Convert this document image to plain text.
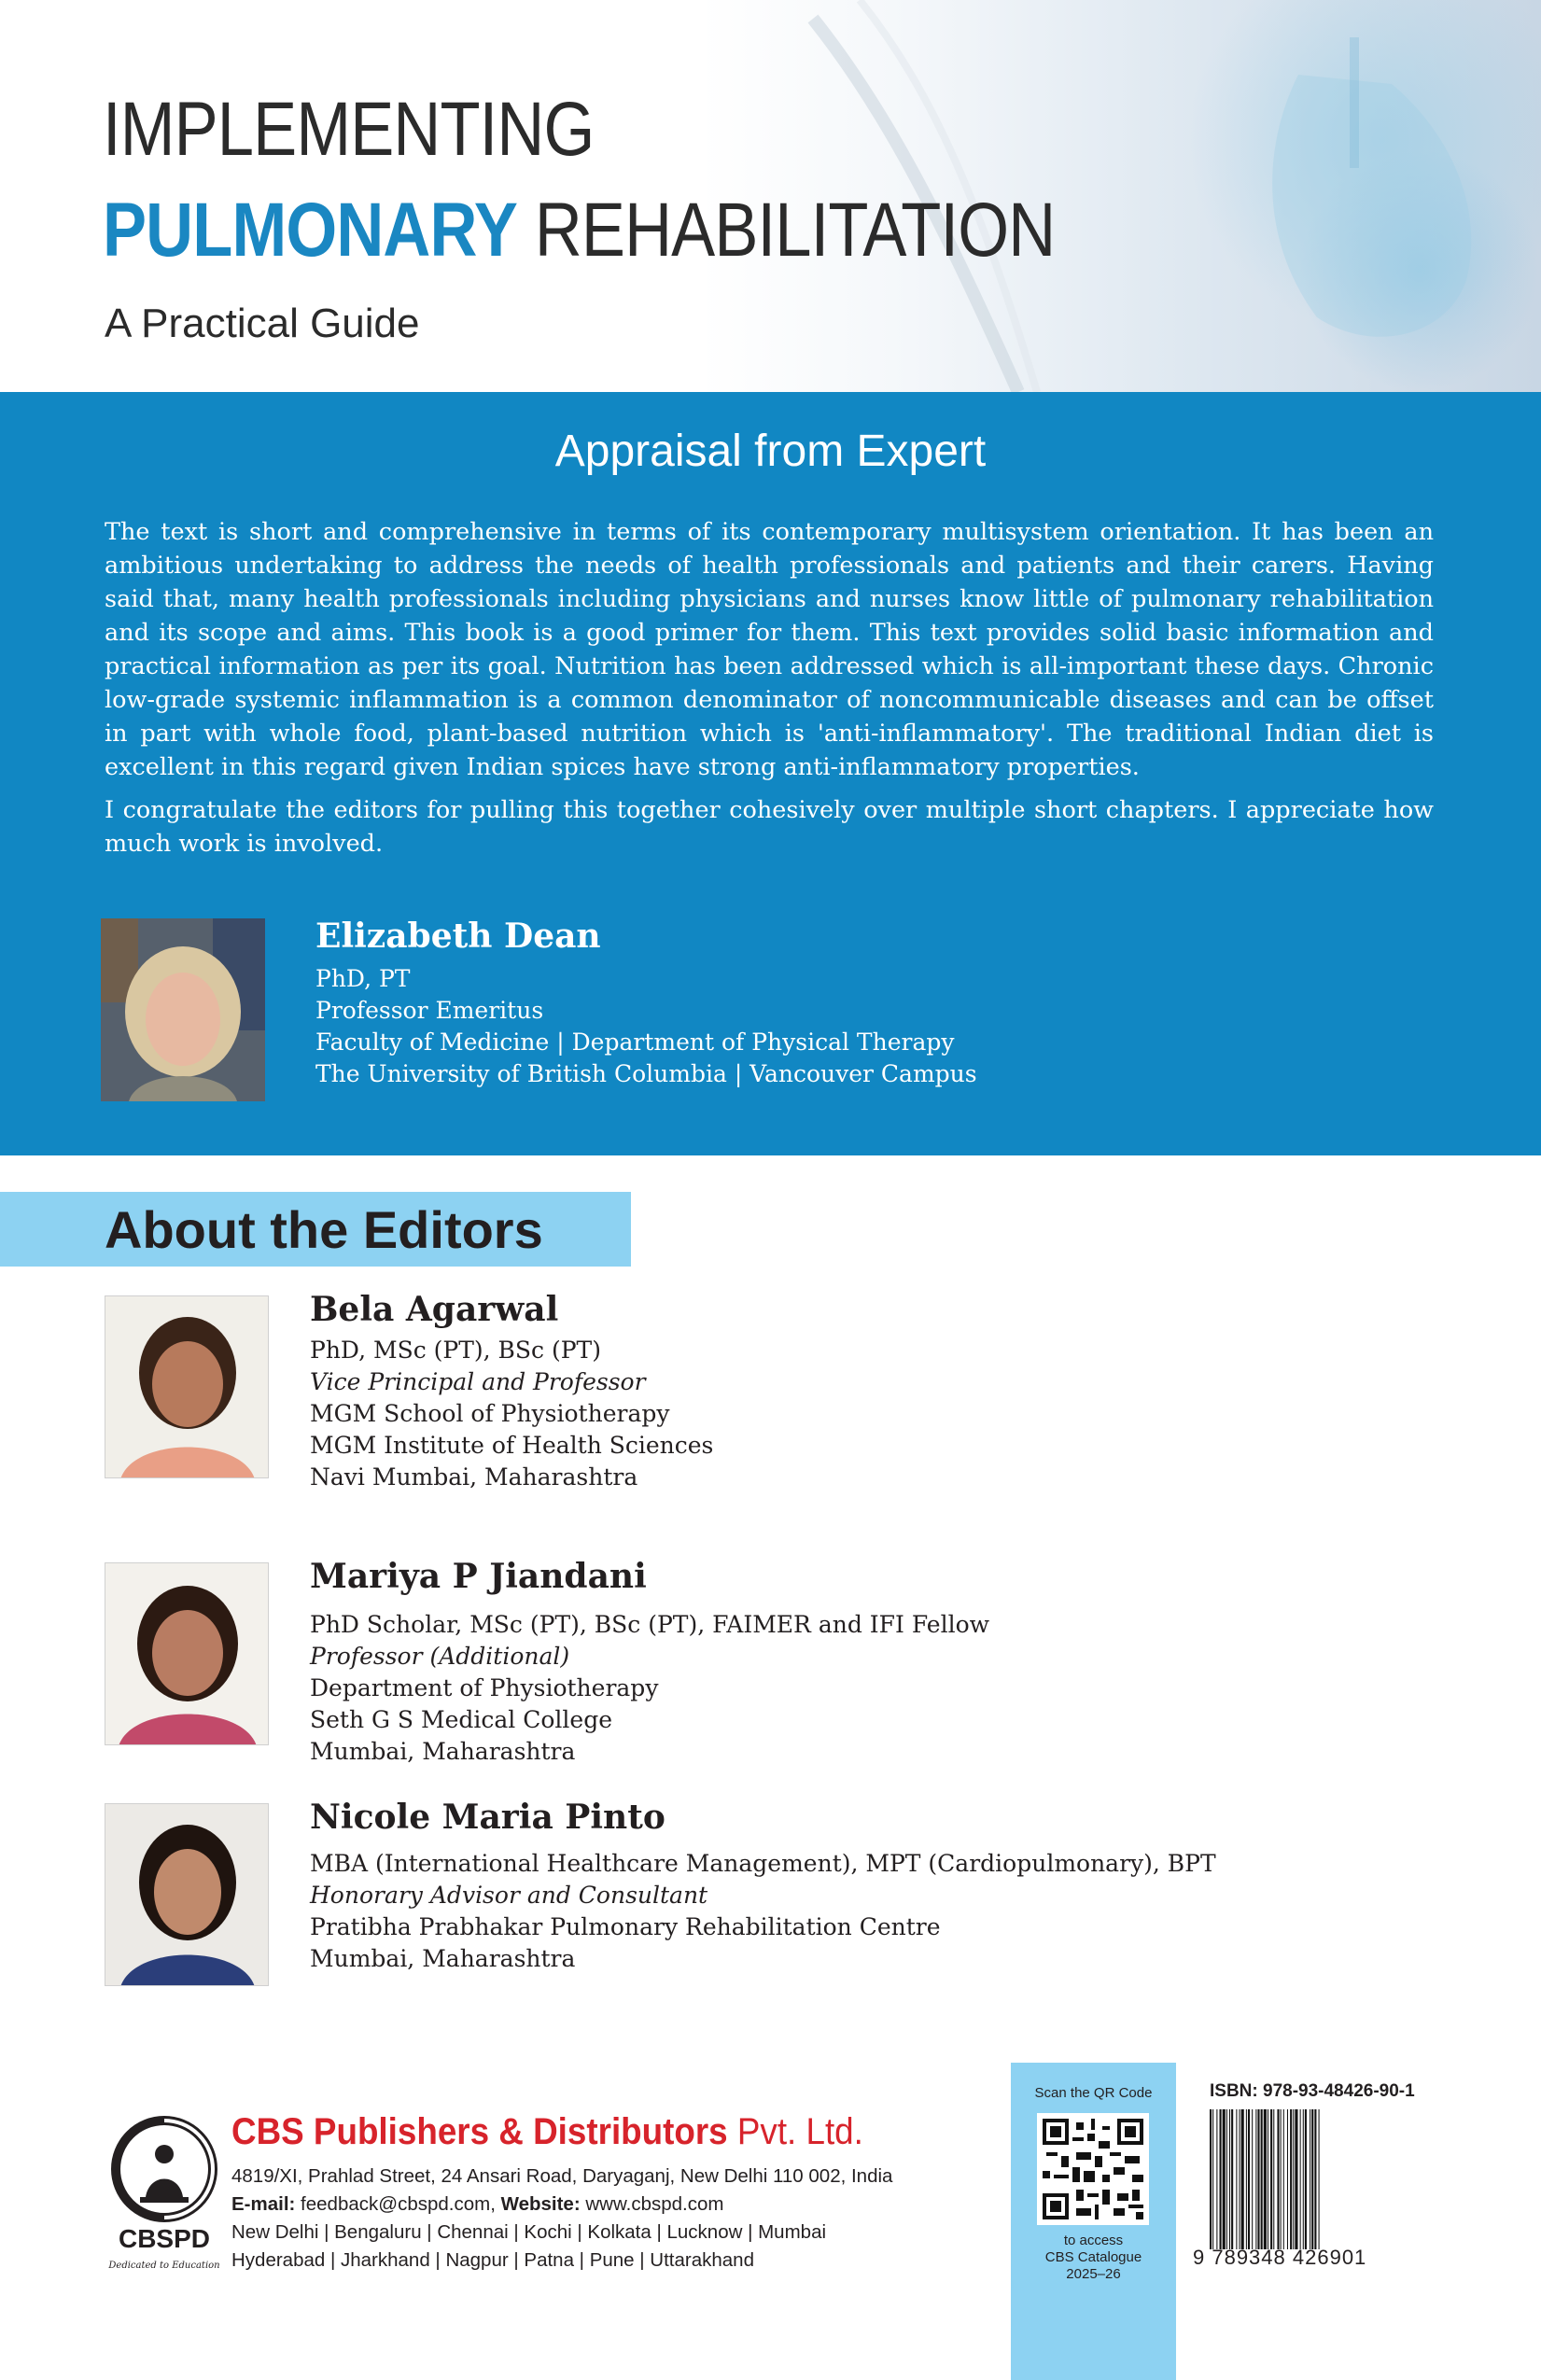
IMPLEMENTING
PULMONARY REHABILITATION
A Practical Guide
Appraisal from Expert

The text is short and comprehensive in terms of its contemporary multisystem orientation. It has been an ambitious undertaking to address the needs of health professionals and patients and their carers. Having said that, many health professionals including physicians and nurses know little of pulmonary rehabilitation and its scope and aims. This book is a good primer for them. This text provides solid basic information and practical information as per its goal. Nutrition has been addressed which is all-important these days. Chronic low-grade systemic inflammation is a common denominator of noncommunicable diseases and can be offset in part with whole food, plant-based nutrition which is 'anti-inflammatory'. The traditional Indian diet is excellent in this regard given Indian spices have strong anti-inflammatory properties.

I congratulate the editors for pulling this together cohesively over multiple short chapters. I appreciate how much work is involved.

Elizabeth Dean
PhD, PT
Professor Emeritus
Faculty of Medicine | Department of Physical Therapy
The University of British Columbia | Vancouver Campus
About the Editors
Bela Agarwal
PhD, MSc (PT), BSc (PT)
Vice Principal and Professor
MGM School of Physiotherapy
MGM Institute of Health Sciences
Navi Mumbai, Maharashtra
Mariya P Jiandani
PhD Scholar, MSc (PT), BSc (PT), FAIMER and IFI Fellow
Professor (Additional)
Department of Physiotherapy
Seth G S Medical College
Mumbai, Maharashtra
Nicole Maria Pinto
MBA (International Healthcare Management), MPT (Cardiopulmonary), BPT
Honorary Advisor and Consultant
Pratibha Prabhakar Pulmonary Rehabilitation Centre
Mumbai, Maharashtra
CBSPD
Dedicated to Education
CBS Publishers & Distributors Pvt. Ltd.
4819/XI, Prahlad Street, 24 Ansari Road, Daryaganj, New Delhi 110 002, India
E-mail: feedback@cbspd.com, Website: www.cbspd.com
New Delhi | Bengaluru | Chennai | Kochi | Kolkata | Lucknow | Mumbai
Hyderabad | Jharkhand | Nagpur | Patna | Pune | Uttarakhand
Scan the QR Code
to access
CBS Catalogue
2025–26
ISBN: 978-93-48426-90-1
9 789348 426901
